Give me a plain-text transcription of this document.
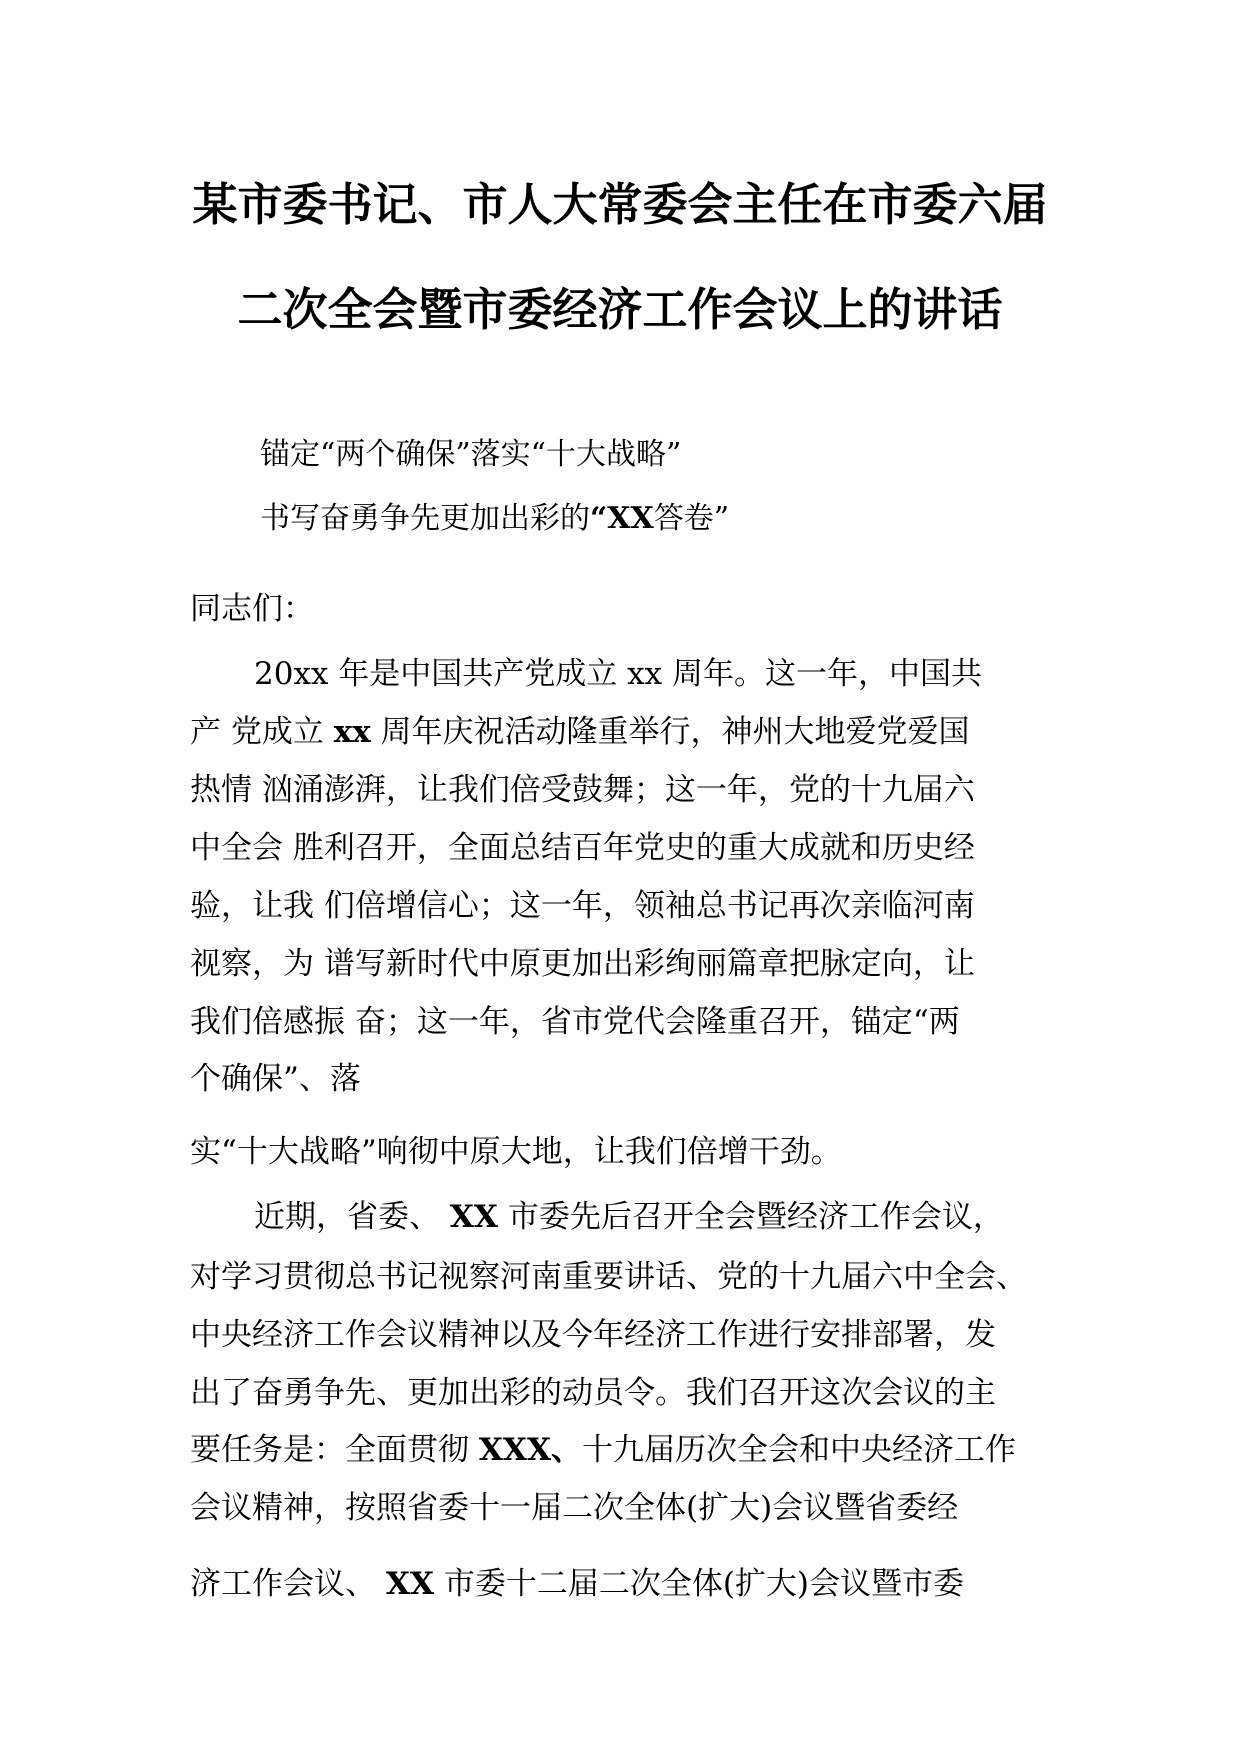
某市委书记、市人大常委会主任在市委六届
二次全会暨市委经济工作会议上的讲话
锚定“两个确保”落实“十大战略”
书写奋勇争先更加出彩的“XX答卷”
同志们：
20xx 年是中国共产党成立 xx 周年。这一年，中国共
产 党成立 xx 周年庆祝活动隆重举行，神州大地爱党爱国
热情 汹涌澎湃，让我们倍受鼓舞；这一年，党的十九届六
中全会 胜利召开，全面总结百年党史的重大成就和历史经
验，让我 们倍增信心；这一年，领袖总书记再次亲临河南
视察，为 谱写新时代中原更加出彩绚丽篇章把脉定向，让
我们倍感振 奋；这一年，省市党代会隆重召开，锚定“两
个确保”、落
实“十大战略”响彻中原大地，让我们倍增干劲。
近期，省委、 XX 市委先后召开全会暨经济工作会议，
对学习贯彻总书记视察河南重要讲话、党的十九届六中全会、
中央经济工作会议精神以及今年经济工作进行安排部署，发
出了奋勇争先、更加出彩的动员令。我们召开这次会议的主
要任务是：全面贯彻 XXX、十九届历次全会和中央经济工作
会议精神，按照省委十一届二次全体(扩大)会议暨省委经
济工作会议、 XX 市委十二届二次全体(扩大)会议暨市委
